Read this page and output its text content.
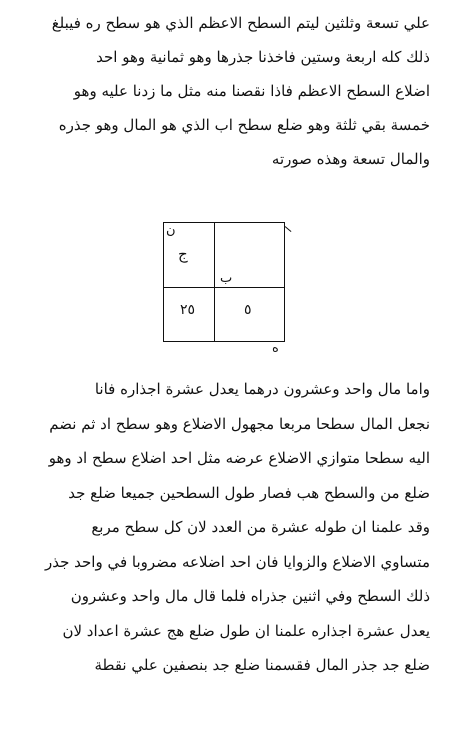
علي تسعة وثلثين ليتم السطح الاعظم الذي هو سطح ره فيبلغ
ذلك كله اربعة وستين فاخذنا جذرها وهو ثمانية وهو احد
اضلاع السطح الاعظم فاذا نقصنا منه مثل ما زدنا عليه وهو
خمسة بقي ثلثة وهو ضلع سطح اب الذي هو المال وهو جذره
والمال تسعة وهذه صورته
ن
ج
ب
٢٥	٥
ه
واما مال واحد وعشرون درهما يعدل عشرة اجذاره فانا
نجعل المال سطحا مربعا مجهول الاضلاع وهو سطح اد ثم نضم
اليه سطحا متوازي الاضلاع عرضه مثل احد اضلاع سطح اد وهو
ضلع من والسطح هب فصار طول السطحين جميعا ضلع جد
وقد علمنا ان طوله عشرة من العدد لان كل سطح مربع
متساوي الاضلاع والزوايا فان احد اضلاعه مضروبا في واحد جذر
ذلك السطح وفي اثنين جذراه فلما قال مال واحد وعشرون
يعدل عشرة اجذاره علمنا ان طول ضلع هج عشرة اعداد لان
ضلع جد جذر المال فقسمنا ضلع جد بنصفين علي نقطة
